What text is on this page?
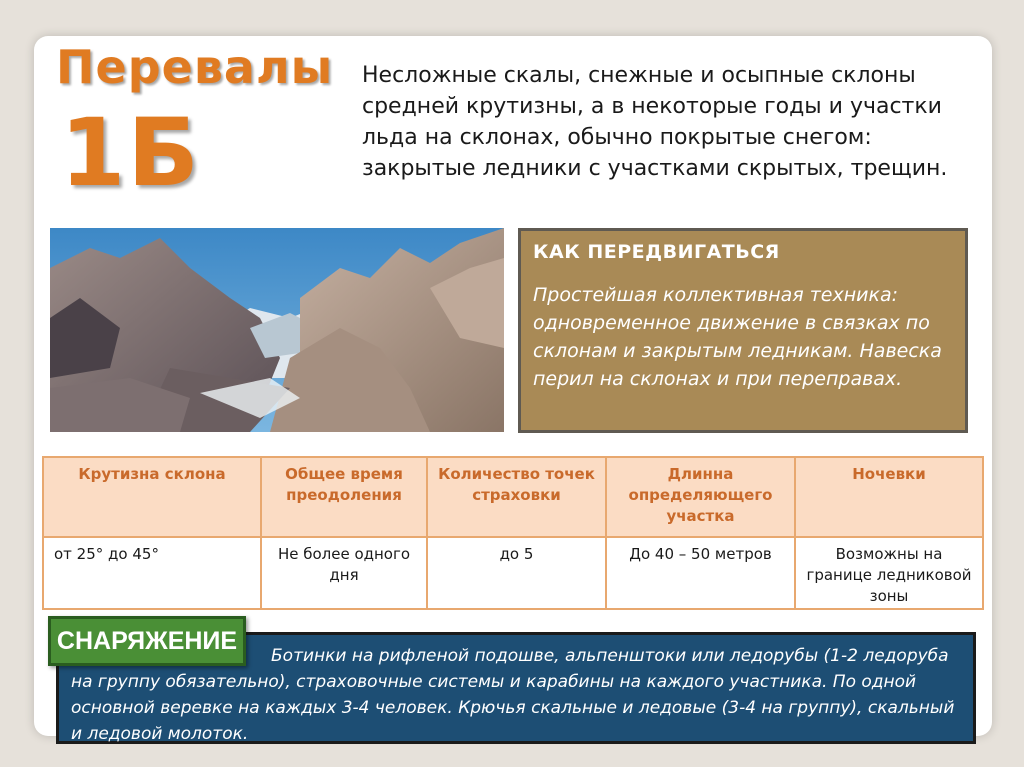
Перевалы
1Б

Несложные скалы, снежные и осыпные склоны средней крутизны, а в некоторые годы и участки льда на склонах, обычно покрытые снегом: закрытые ледники с участками скрытых, трещин.

КАК ПЕРЕДВИГАТЬСЯ

Простейшая коллективная техника: одновременное движение в связках по склонам и закрытым ледникам. Навеска перил на склонах и при переправах.

Крутизна склона	Общее время преодоления	Количество точек страховки	Длинна определяющего участка	Ночевки
от 25° до 45°	Не более одного дня	до 5	До 40 – 50 метров	Возможны на границе ледниковой зоны

Ботинки на рифленой подошве, альпенштоки или ледорубы (1-2 ледоруба на группу обязательно), страховочные системы и карабины на каждого участника. По одной основной веревке на каждых 3-4 человек. Крючья скальные и ледовые (3-4 на группу), скальный и ледовой молоток.

СНАРЯЖЕНИЕ
